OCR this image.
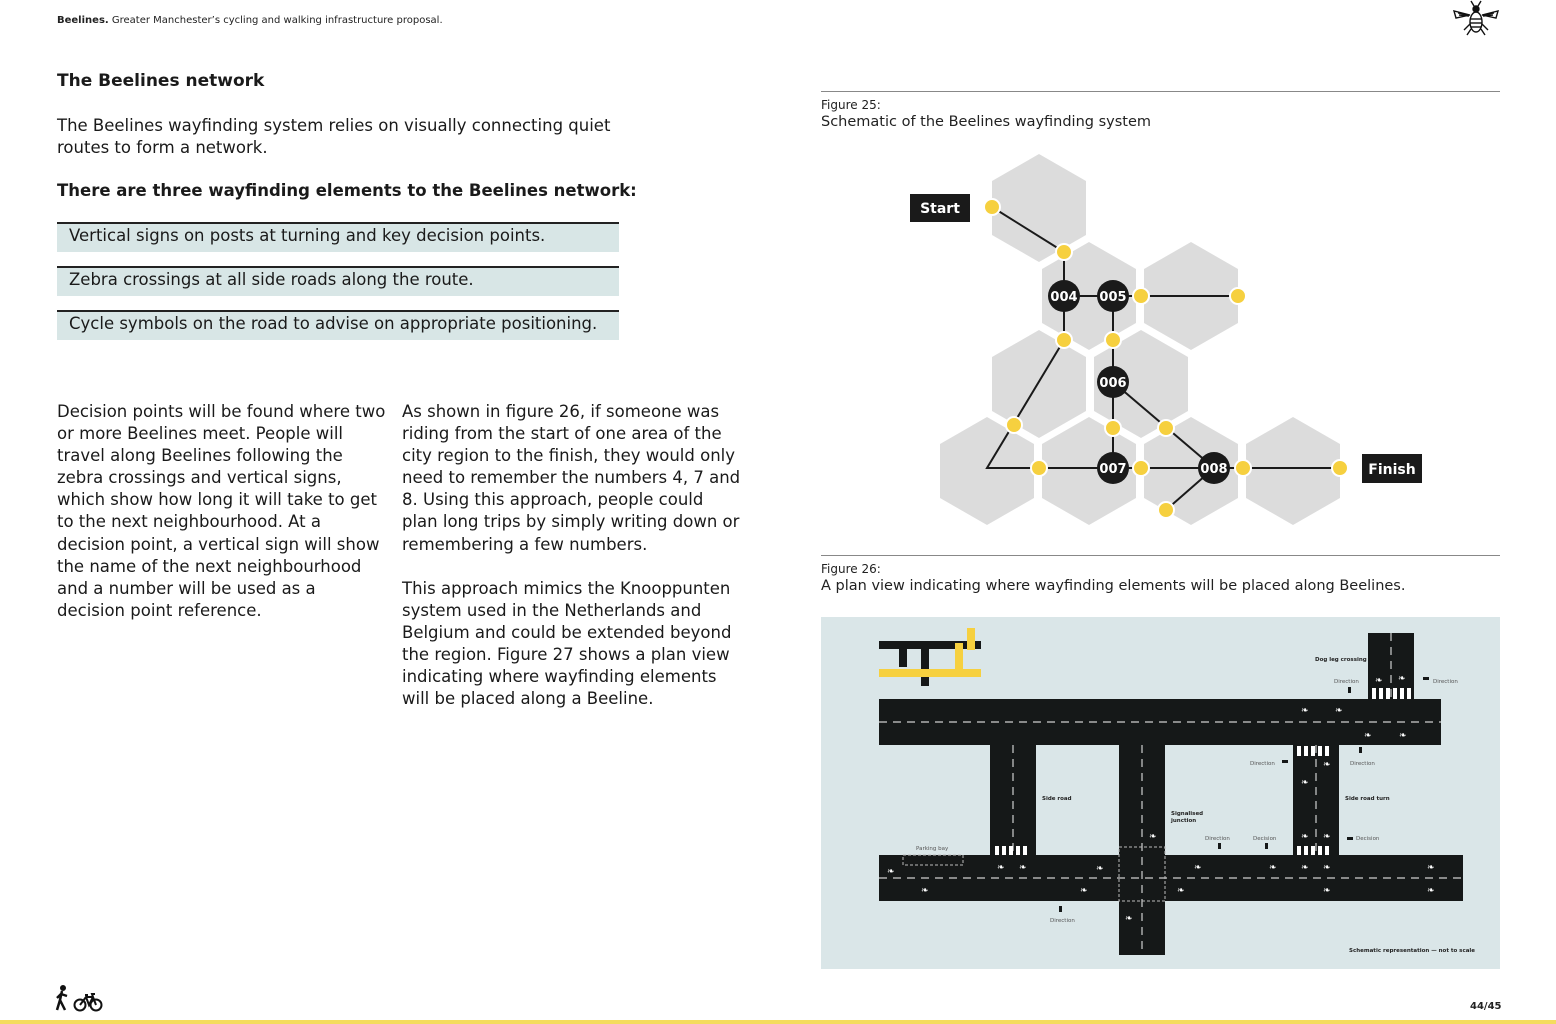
Beelines. Greater Manchester’s cycling and walking infrastructure proposal.
The Beelines network
The Beelines wayfinding system relies on visually connecting quiet routes to form a network.
There are three wayfinding elements to the Beelines network:
Vertical signs on posts at turning and key decision points.
Zebra crossings at all side roads along the route.
Cycle symbols on the road to advise on appropriate positioning.

Decision points will be found where two or more Beelines meet. People will travel along Beelines following the zebra crossings and vertical signs, which show how long it will take to get to the next neighbourhood. At a decision point, a vertical sign will show the name of the next neighbourhood and a number will be used as a decision point reference.

As shown in figure 26, if someone was riding from the start of one area of the city region to the finish, they would only need to remember the numbers 4, 7 and 8. Using this approach, people could plan long trips by simply writing down or remembering a few numbers.

This approach mimics the Knooppunten system used in the Netherlands and Belgium and could be extended beyond the region. Figure 27 shows a plan view indicating where wayfinding elements will be placed along a Beeline.

Figure 25:
Schematic of the Beelines wayfinding system
004 005
006
007	008
Start
Finish
Figure 26:
A plan view indicating where wayfinding elements will be placed along Beelines.
❧	❧
❧	❧
❧
❧
❧ ❧
❧
❧
❧
❧	❧	❧ ❧
❧
❧
❧
❧ ❧
❧
❧
❧ ❧
❧
❧
Dog leg crossing
Direction	Direction
Direction	Direction
Side road turn
Side road
Signalised
junction
Direction	Decision	Decision
Parking bay
Direction
Schematic representation — not to scale
44/45
